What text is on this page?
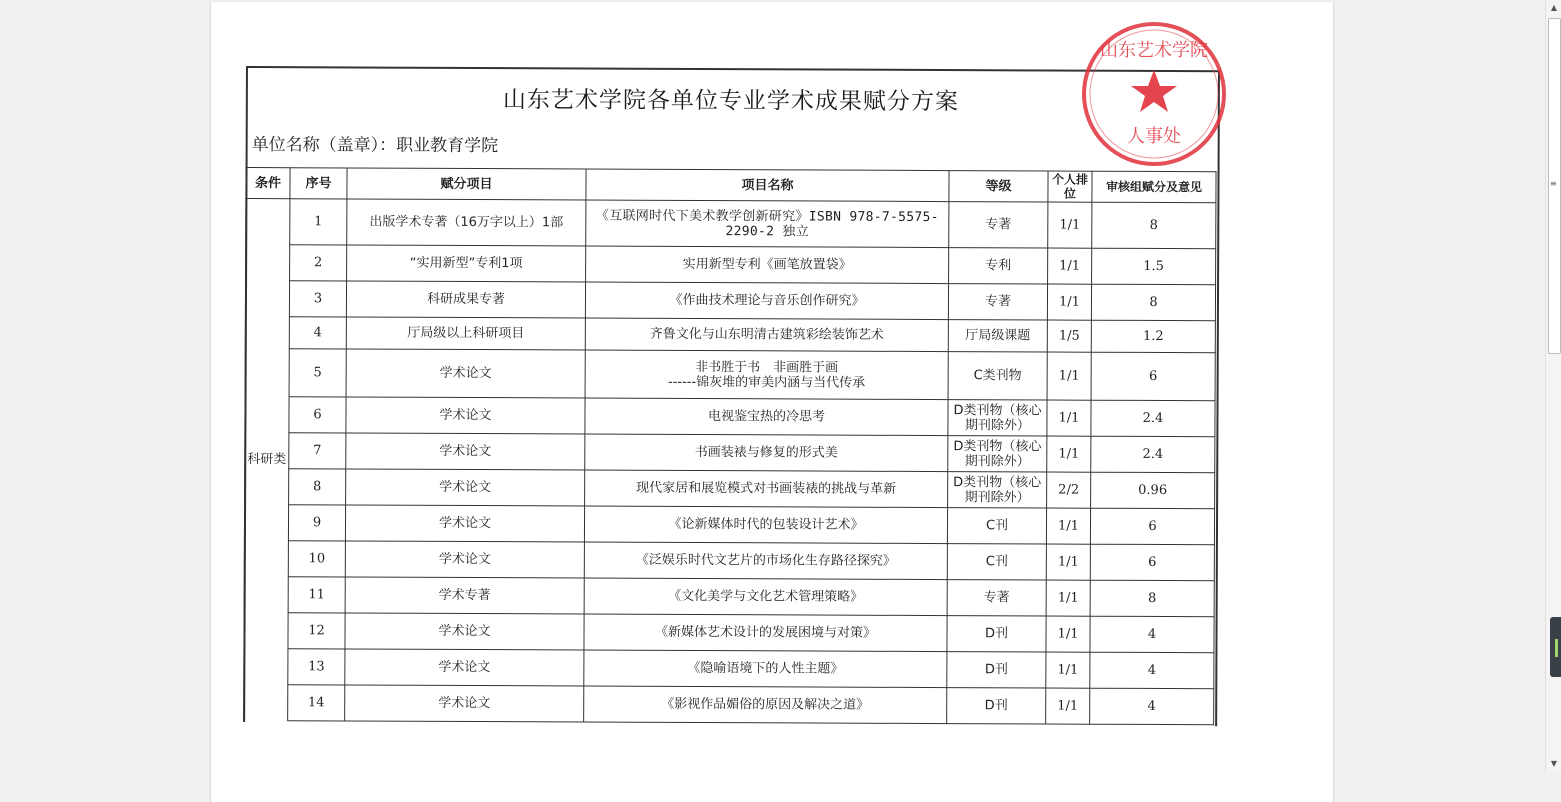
山东艺术学院各单位专业学术成果赋分方案
单位名称（盖章）：职业教育学院
条件	序号	赋分项目	项目名称	等级	个人排位	审核组赋分及意见
科研类	1	出版学术专著（16万字以上）1部	《互联网时代下美术教学创新研究》ISBN 978-7-5575-2290-2 独立	专著	1/1	8
	2	“实用新型”专利1项	实用新型专利《画笔放置袋》	专利	1/1	1.5
	3	科研成果专著	《作曲技术理论与音乐创作研究》	专著	1/1	8
	4	厅局级以上科研项目	齐鲁文化与山东明清古建筑彩绘装饰艺术	厅局级课题	1/5	1.2
	5	学术论文	非书胜于书　非画胜于画
------锦灰堆的审美内涵与当代传承	C类刊物	1/1	6
	6	学术论文	电视鉴宝热的冷思考	D类刊物（核心期刊除外）	1/1	2.4
	7	学术论文	书画装裱与修复的形式美	D类刊物（核心期刊除外）	1/1	2.4
	8	学术论文	现代家居和展览模式对书画装裱的挑战与革新	D类刊物（核心期刊除外）	2/2	0.96
	9	学术论文	《论新媒体时代的包装设计艺术》	C刊	1/1	6
	10	学术论文	《泛娱乐时代文艺片的市场化生存路径探究》	C刊	1/1	6
	11	学术专著	《文化美学与文化艺术管理策略》	专著	1/1	8
	12	学术论文	《新媒体艺术设计的发展困境与对策》	D刊	1/1	4
	13	学术论文	《隐喻语境下的人性主题》	D刊	1/1	4
	14	学术论文	《影视作品媚俗的原因及解决之道》	D刊	1/1	4
山东艺术学院
人事处
▲
≡
▼
